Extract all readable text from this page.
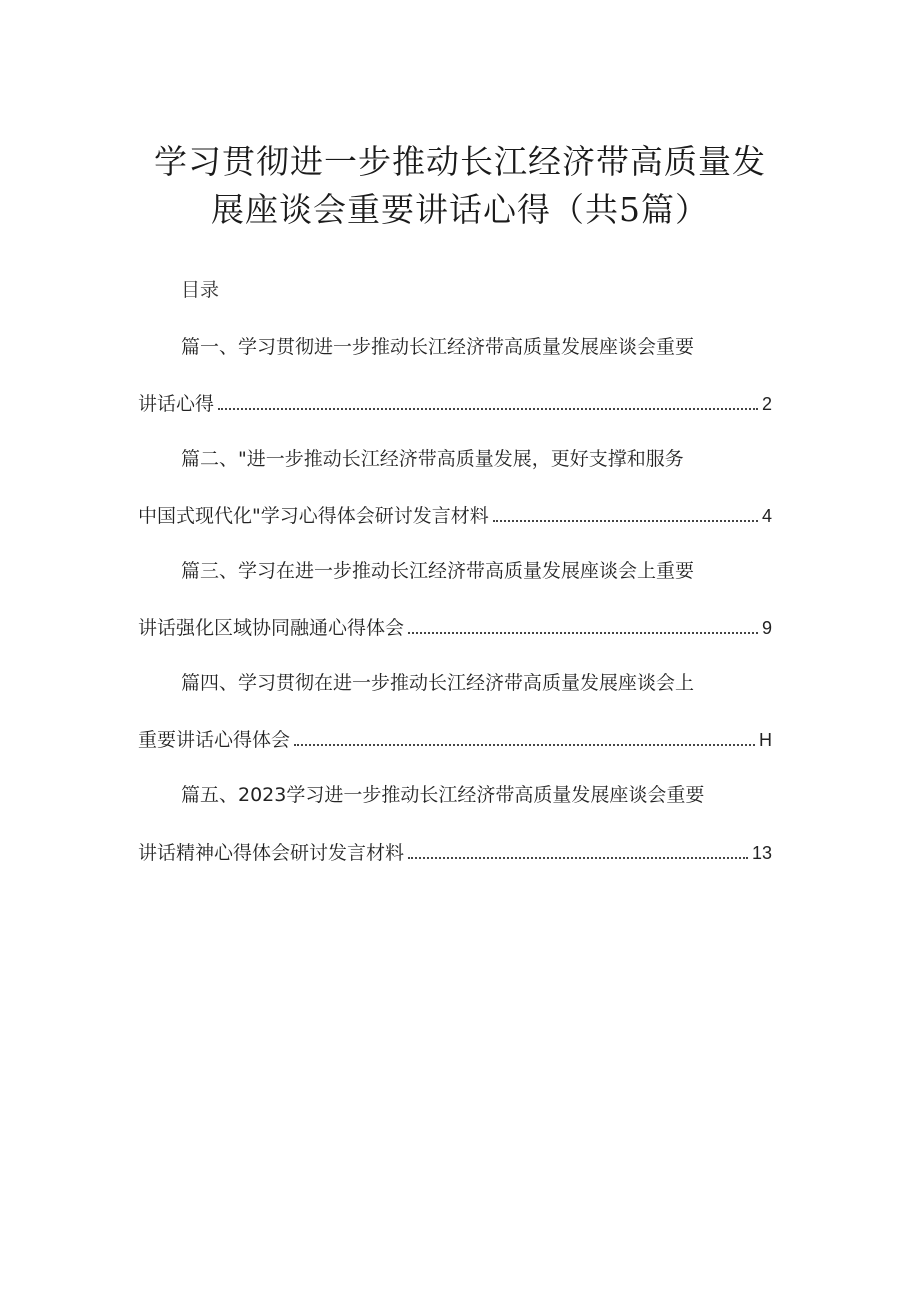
学习贯彻进一步推动长江经济带高质量发
展座谈会重要讲话心得（共5篇）
目录
篇一、学习贯彻进一步推动长江经济带高质量发展座谈会重要
讲话心得	2
篇二、"进一步推动长江经济带高质量发展，更好支撑和服务
中国式现代化"学习心得体会研讨发言材料	4
篇三、学习在进一步推动长江经济带高质量发展座谈会上重要
讲话强化区域协同融通心得体会	9
篇四、学习贯彻在进一步推动长江经济带高质量发展座谈会上
重要讲话心得体会	H
篇五、2023学习进一步推动长江经济带高质量发展座谈会重要
讲话精神心得体会研讨发言材料	13
